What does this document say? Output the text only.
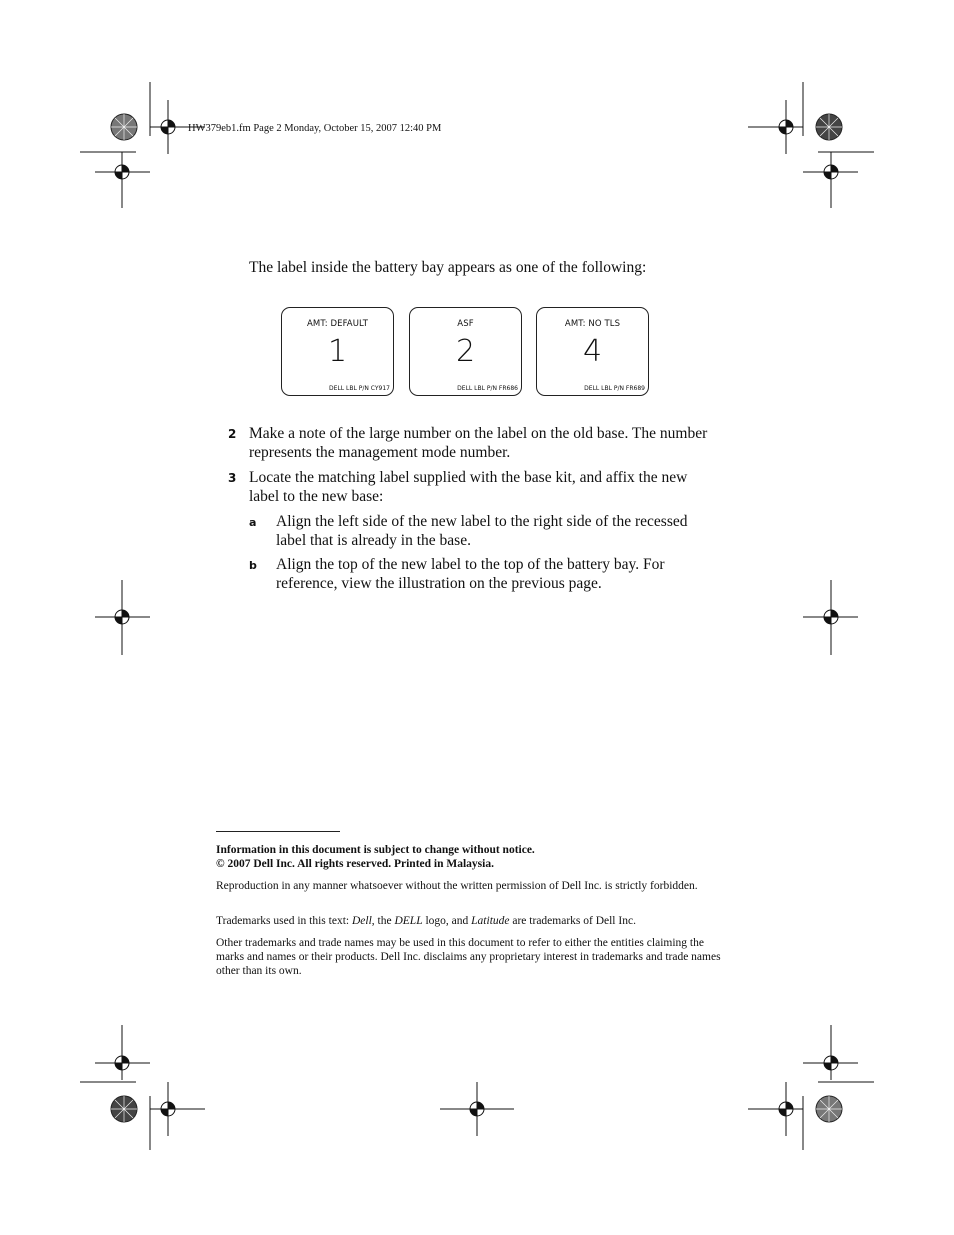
HW379eb1.fm Page 2 Monday, October 15, 2007 12:40 PM
The label inside the battery bay appears as one of the following:
AMT: DEFAULT
1
DELL LBL P/N CY917
ASF
2
DELL LBL P/N FR686
AMT: NO TLS
4
DELL LBL P/N FR689
2 Make a note of the large number on the label on the old base. The number represents the management mode number.
3 Locate the matching label supplied with the base kit, and affix the new label to the new base:
a	Align the left side of the new label to the right side of the recessed label that is already in the base.
b	Align the top of the new label to the top of the battery bay. For reference, view the illustration on the previous page.
Information in this document is subject to change without notice.
© 2007 Dell Inc. All rights reserved. Printed in Malaysia.
Reproduction in any manner whatsoever without the written permission of Dell Inc. is strictly forbidden.
Trademarks used in this text: Dell, the DELL logo, and Latitude are trademarks of Dell Inc.
Other trademarks and trade names may be used in this document to refer to either the entities claiming the marks and names or their products. Dell Inc. disclaims any proprietary interest in trademarks and trade names other than its own.
